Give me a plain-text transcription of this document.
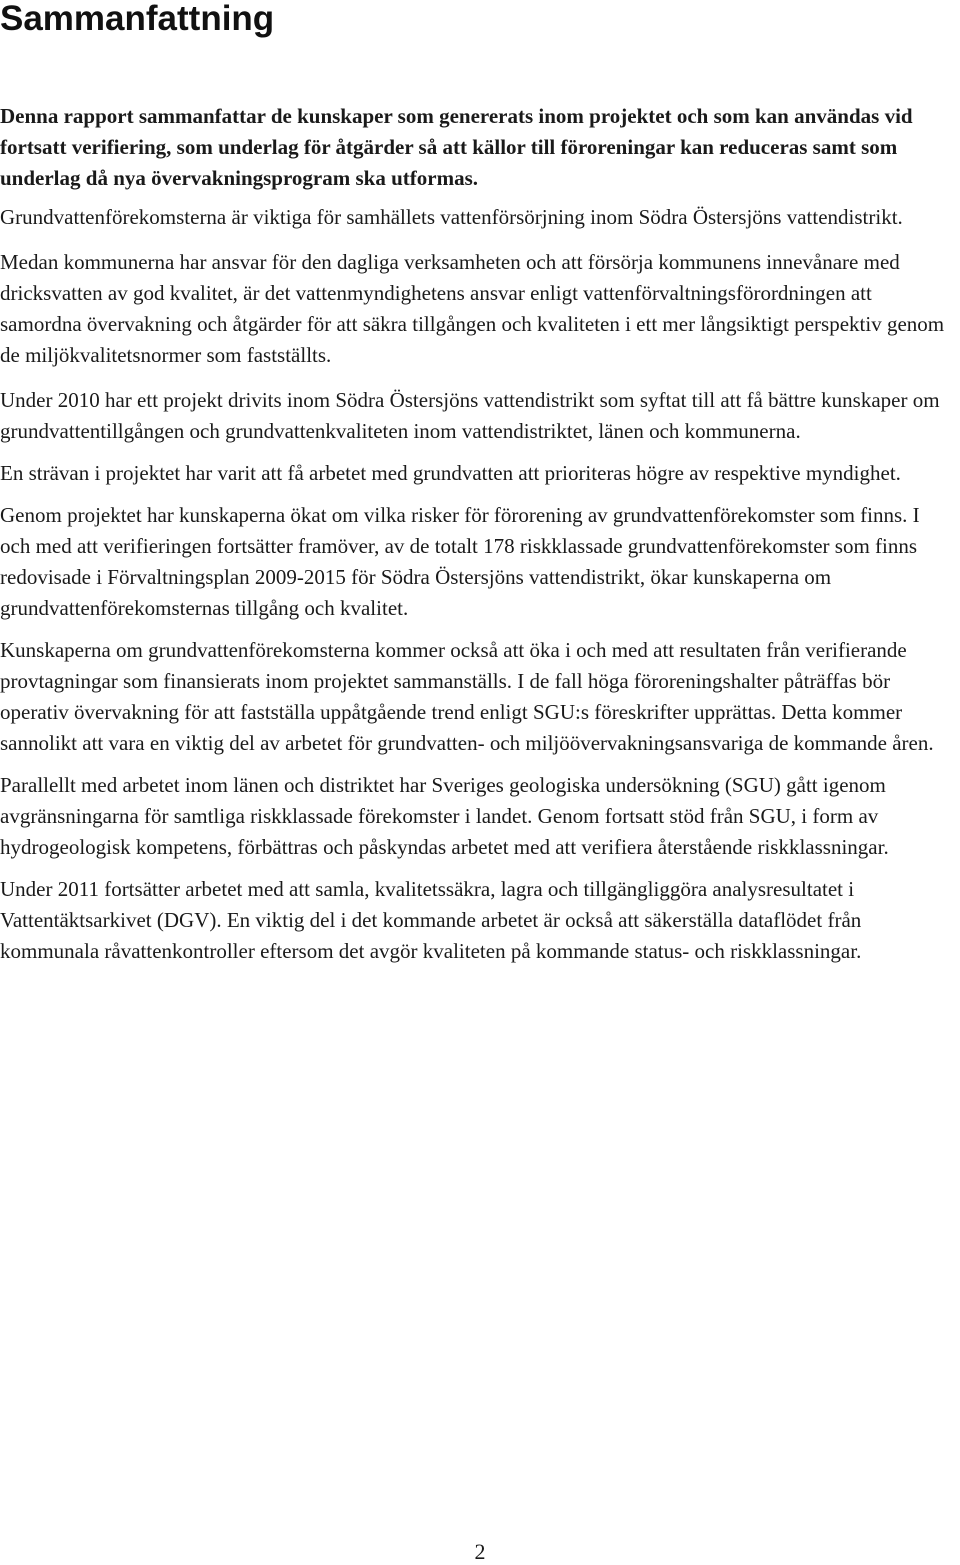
Sammanfattning

Denna rapport sammanfattar de kunskaper som genererats inom projektet och som kan användas vid fortsatt verifiering, som underlag för åtgärder så att källor till föroreningar kan reduceras samt som underlag då nya övervakningsprogram ska utformas.

Grundvattenförekomsterna är viktiga för samhällets vattenförsörjning inom Södra Östersjöns vattendistrikt.

Medan kommunerna har ansvar för den dagliga verksamheten och att försörja kommunens innevånare med dricksvatten av god kvalitet, är det vattenmyndighetens ansvar enligt vattenförvaltningsförordningen att samordna övervakning och åtgärder för att säkra tillgången och kvaliteten i ett mer långsiktigt perspektiv genom de miljökvalitetsnormer som fastställts.

Under 2010 har ett projekt drivits inom Södra Östersjöns vattendistrikt som syftat till att få bättre kunskaper om grundvattentillgången och grundvattenkvaliteten inom vattendistriktet, länen och kommunerna.

En strävan i projektet har varit att få arbetet med grundvatten att prioriteras högre av respektive myndighet.

Genom projektet har kunskaperna ökat om vilka risker för förorening av grundvattenförekomster som finns. I och med att verifieringen fortsätter framöver, av de totalt 178 riskklassade grundvattenförekomster som finns redovisade i Förvaltningsplan 2009-2015 för Södra Östersjöns vattendistrikt, ökar kunskaperna om grundvattenförekomsternas tillgång och kvalitet.

Kunskaperna om grundvattenförekomsterna kommer också att öka i och med att resultaten från verifierande provtagningar som finansierats inom projektet sammanställs. I de fall höga föroreningshalter påträffas bör operativ övervakning för att fastställa uppåtgående trend enligt SGU:s föreskrifter upprättas. Detta kommer sannolikt att vara en viktig del av arbetet för grundvatten- och miljöövervakningsansvariga de kommande åren.

Parallellt med arbetet inom länen och distriktet har Sveriges geologiska undersökning (SGU) gått igenom avgränsningarna för samtliga riskklassade förekomster i landet. Genom fortsatt stöd från SGU, i form av hydrogeologisk kompetens, förbättras och påskyndas arbetet med att verifiera återstående riskklassningar.

Under 2011 fortsätter arbetet med att samla, kvalitetssäkra, lagra och tillgängliggöra analysresultatet i Vattentäktsarkivet (DGV). En viktig del i det kommande arbetet är också att säkerställa dataflödet från kommunala råvattenkontroller eftersom det avgör kvaliteten på kommande status- och riskklassningar.

2
